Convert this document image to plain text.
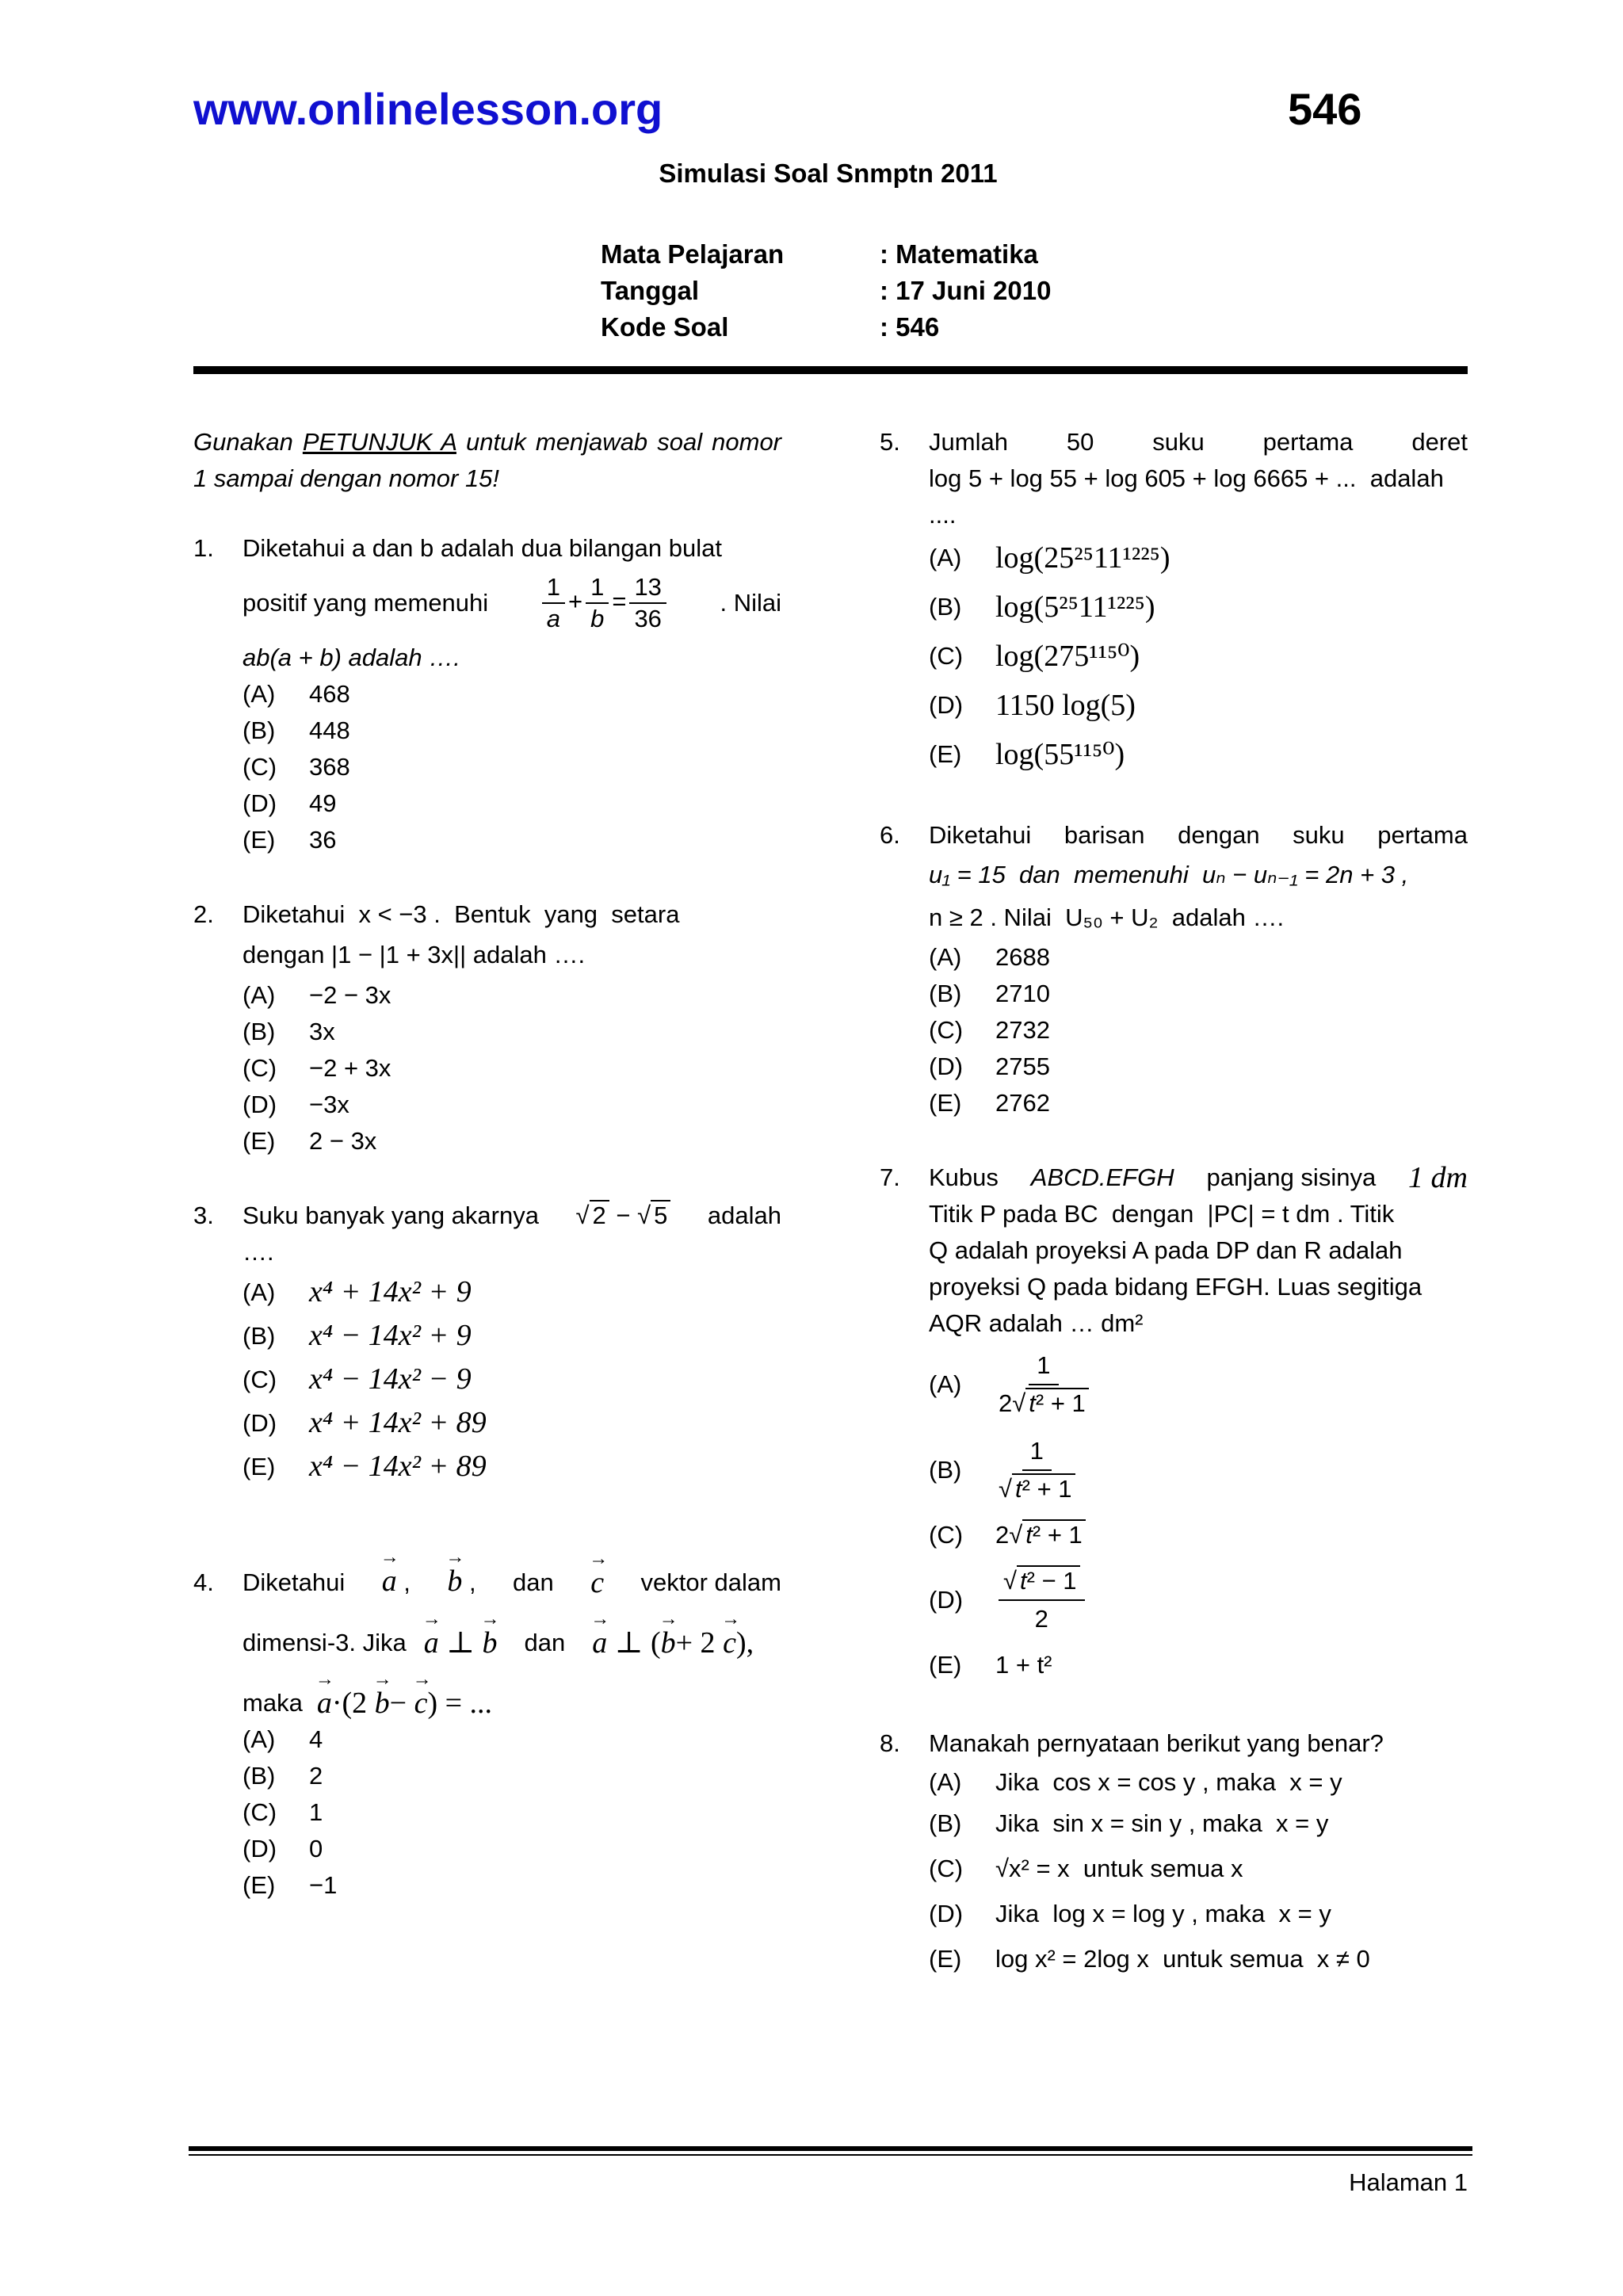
www.onlinelesson.org	546
Simulasi Soal Snmptn 2011
Mata Pelajaran	: Matematika
Tanggal	: 17 Juni 2010
Kode Soal	: 546
Gunakan PETUNJUK A untuk menjawab soal nomor 1 sampai dengan nomor 15!
1. Diketahui a dan b adalah dua bilangan bulat
positif yang memenuhi $\frac{1}{a} + \frac{1}{b} = \frac{13}{36}$ . Nilai
ab(a + b) adalah ….
(A)	468
(B)	448
(C)	368
(D)	49
(E)	36
2. Diketahui  x < −3 .  Bentuk  yang  setara
dengan |1 − |1 + 3x|| adalah ….
(A)	−2 − 3x
(B)	3x
(C)	−2 + 3x
(D)	−3x
(E)	2 − 3x
3. Suku banyak yang akarnya √ 2 − √ 5 adalah
….
(A)	x⁴ + 14x² + 9
(B)	x⁴ − 14x² + 9
(C)	x⁴ − 14x² − 9
(D)	x⁴ + 14x² + 89
(E)	x⁴ − 14x² + 89
4. Diketahui → a , → b , dan → c vektor dalam
dimensi-3. Jika → a ⊥ → b dan → a ⊥ (→ b+ 2 → c),
maka → a·(2 → b− → c) = ...
(A)	4
(B)	2
(C)	1
(D)	0
(E)	−1
5. Jumlah 50 suku pertama deret
log 5 + log 55 + log 605 + log 6665 + ...  adalah
....
(A)	log(25²⁵11¹²²⁵)
(B)	log(5²⁵11¹²²⁵)
(C)	log(275¹¹⁵⁰)
(D)	1150 log(5)
(E)	log(55¹¹⁵⁰)
6. Diketahui barisan dengan suku pertama
u₁ = 15  dan  memenuhi  uₙ − uₙ₋₁ = 2n + 3 ,
n ≥ 2 . Nilai  U₅₀ + U₂  adalah ….
(A)	2688
(B)	2710
(C)	2732
(D)	2755
(E)	2762
7. Kubus ABCD.EFGH panjang sisinya 1 dm
Titik P pada BC  dengan  |PC| = t dm . Titik
Q adalah proyeksi A pada DP dan R adalah
proyeksi Q pada bidang EFGH. Luas segitiga
AQR adalah … dm²
(A)	$\frac{1}{\text{2√ t² + 1}}$
(B)	$\frac{1}{\text{√ t² + 1}}$
(C)	2√ t² + 1
(D)	$\frac{\text{√ t² − 1}}{2}$
(E)	1 + t²
8. Manakah pernyataan berikut yang benar?
(A)	Jika  cos x = cos y , maka  x = y
(B)	Jika  sin x = sin y , maka  x = y
(C)	√x² = x  untuk semua x
(D)	Jika  log x = log y , maka  x = y
(E)	log x² = 2log x  untuk semua  x ≠ 0
Halaman 1
